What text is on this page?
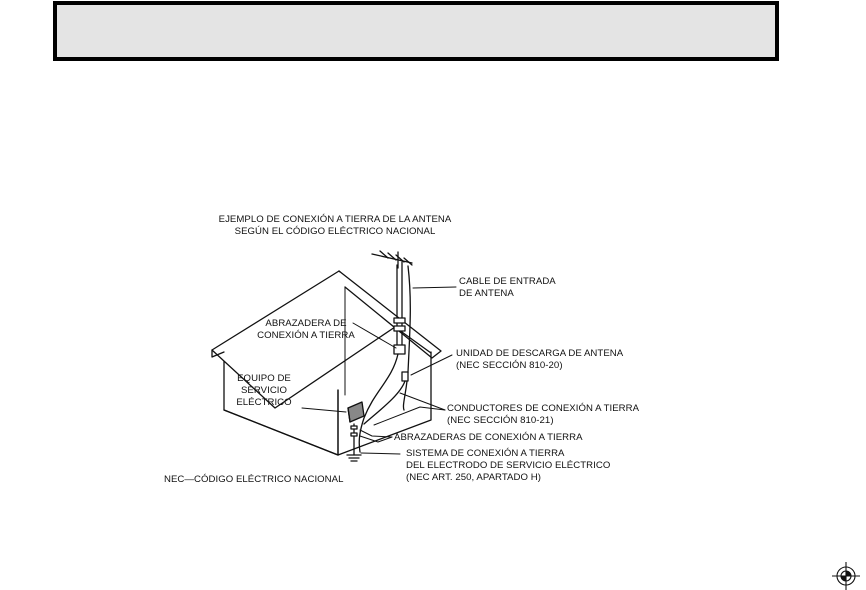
EJEMPLO DE CONEXIÓN A TIERRA DE LA ANTENA
SEGÚN EL CÓDIGO ELÉCTRICO NACIONAL
CABLE DE ENTRADA
DE ANTENA
ABRAZADERA DE
CONEXIÓN A TIERRA
UNIDAD DE DESCARGA DE ANTENA
(NEC SECCIÓN 810-20)
EQUIPO DE
SERVICIO
ELÉCTRICO
CONDUCTORES DE CONEXIÓN A TIERRA
(NEC SECCIÓN 810-21)
ABRAZADERAS DE CONEXIÓN A TIERRA
SISTEMA DE CONEXIÓN A TIERRA
DEL ELECTRODO DE SERVICIO ELÉCTRICO
(NEC ART. 250, APARTADO H)
NEC—CÓDIGO ELÉCTRICO NACIONAL
